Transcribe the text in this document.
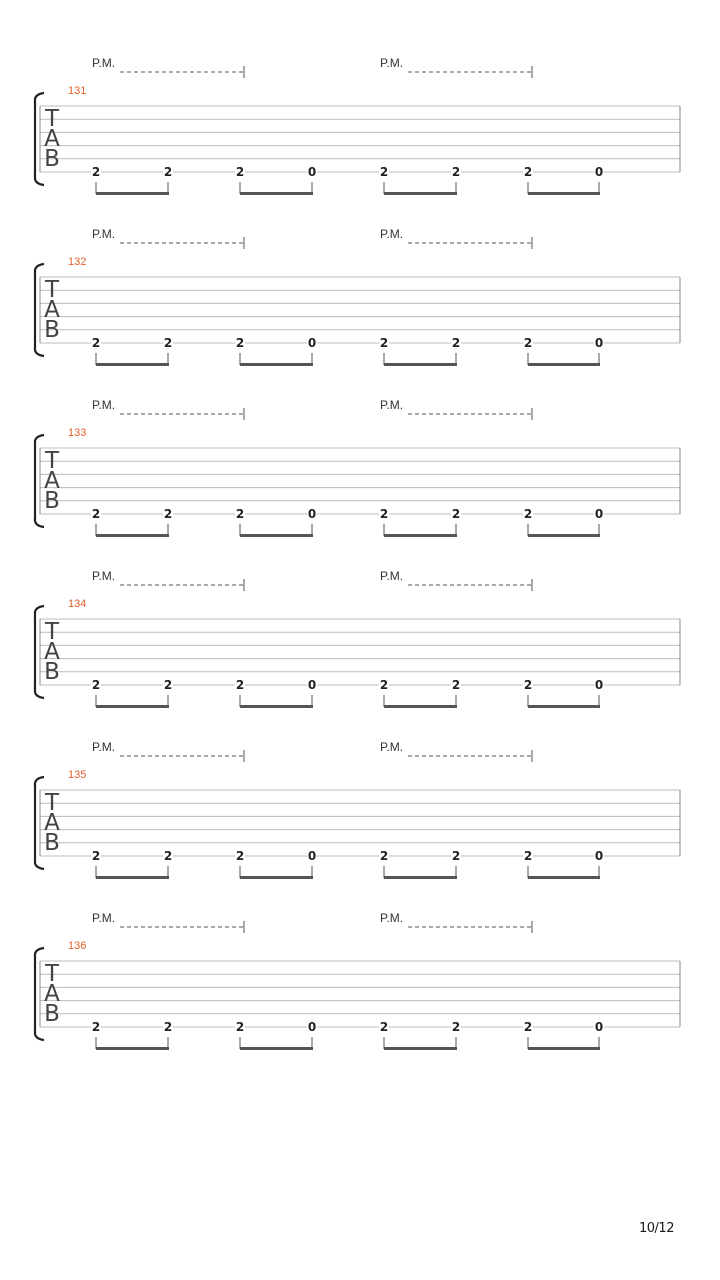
P.M.	P.M.
131
T
A
B	2	2	2	0	2	2	2	0
P.M.	P.M.
132
T
A
B	2	2	2	0	2	2	2	0
P.M.	P.M.
133
T
A
B	2	2	2	0	2	2	2	0
P.M.	P.M.
134
T
A
B	2	2	2	0	2	2	2	0
P.M.	P.M.
135
T
A
B	2	2	2	0	2	2	2	0
P.M.	P.M.
136
T
A
B	2	2	2	0	2	2	2	0
10/12
